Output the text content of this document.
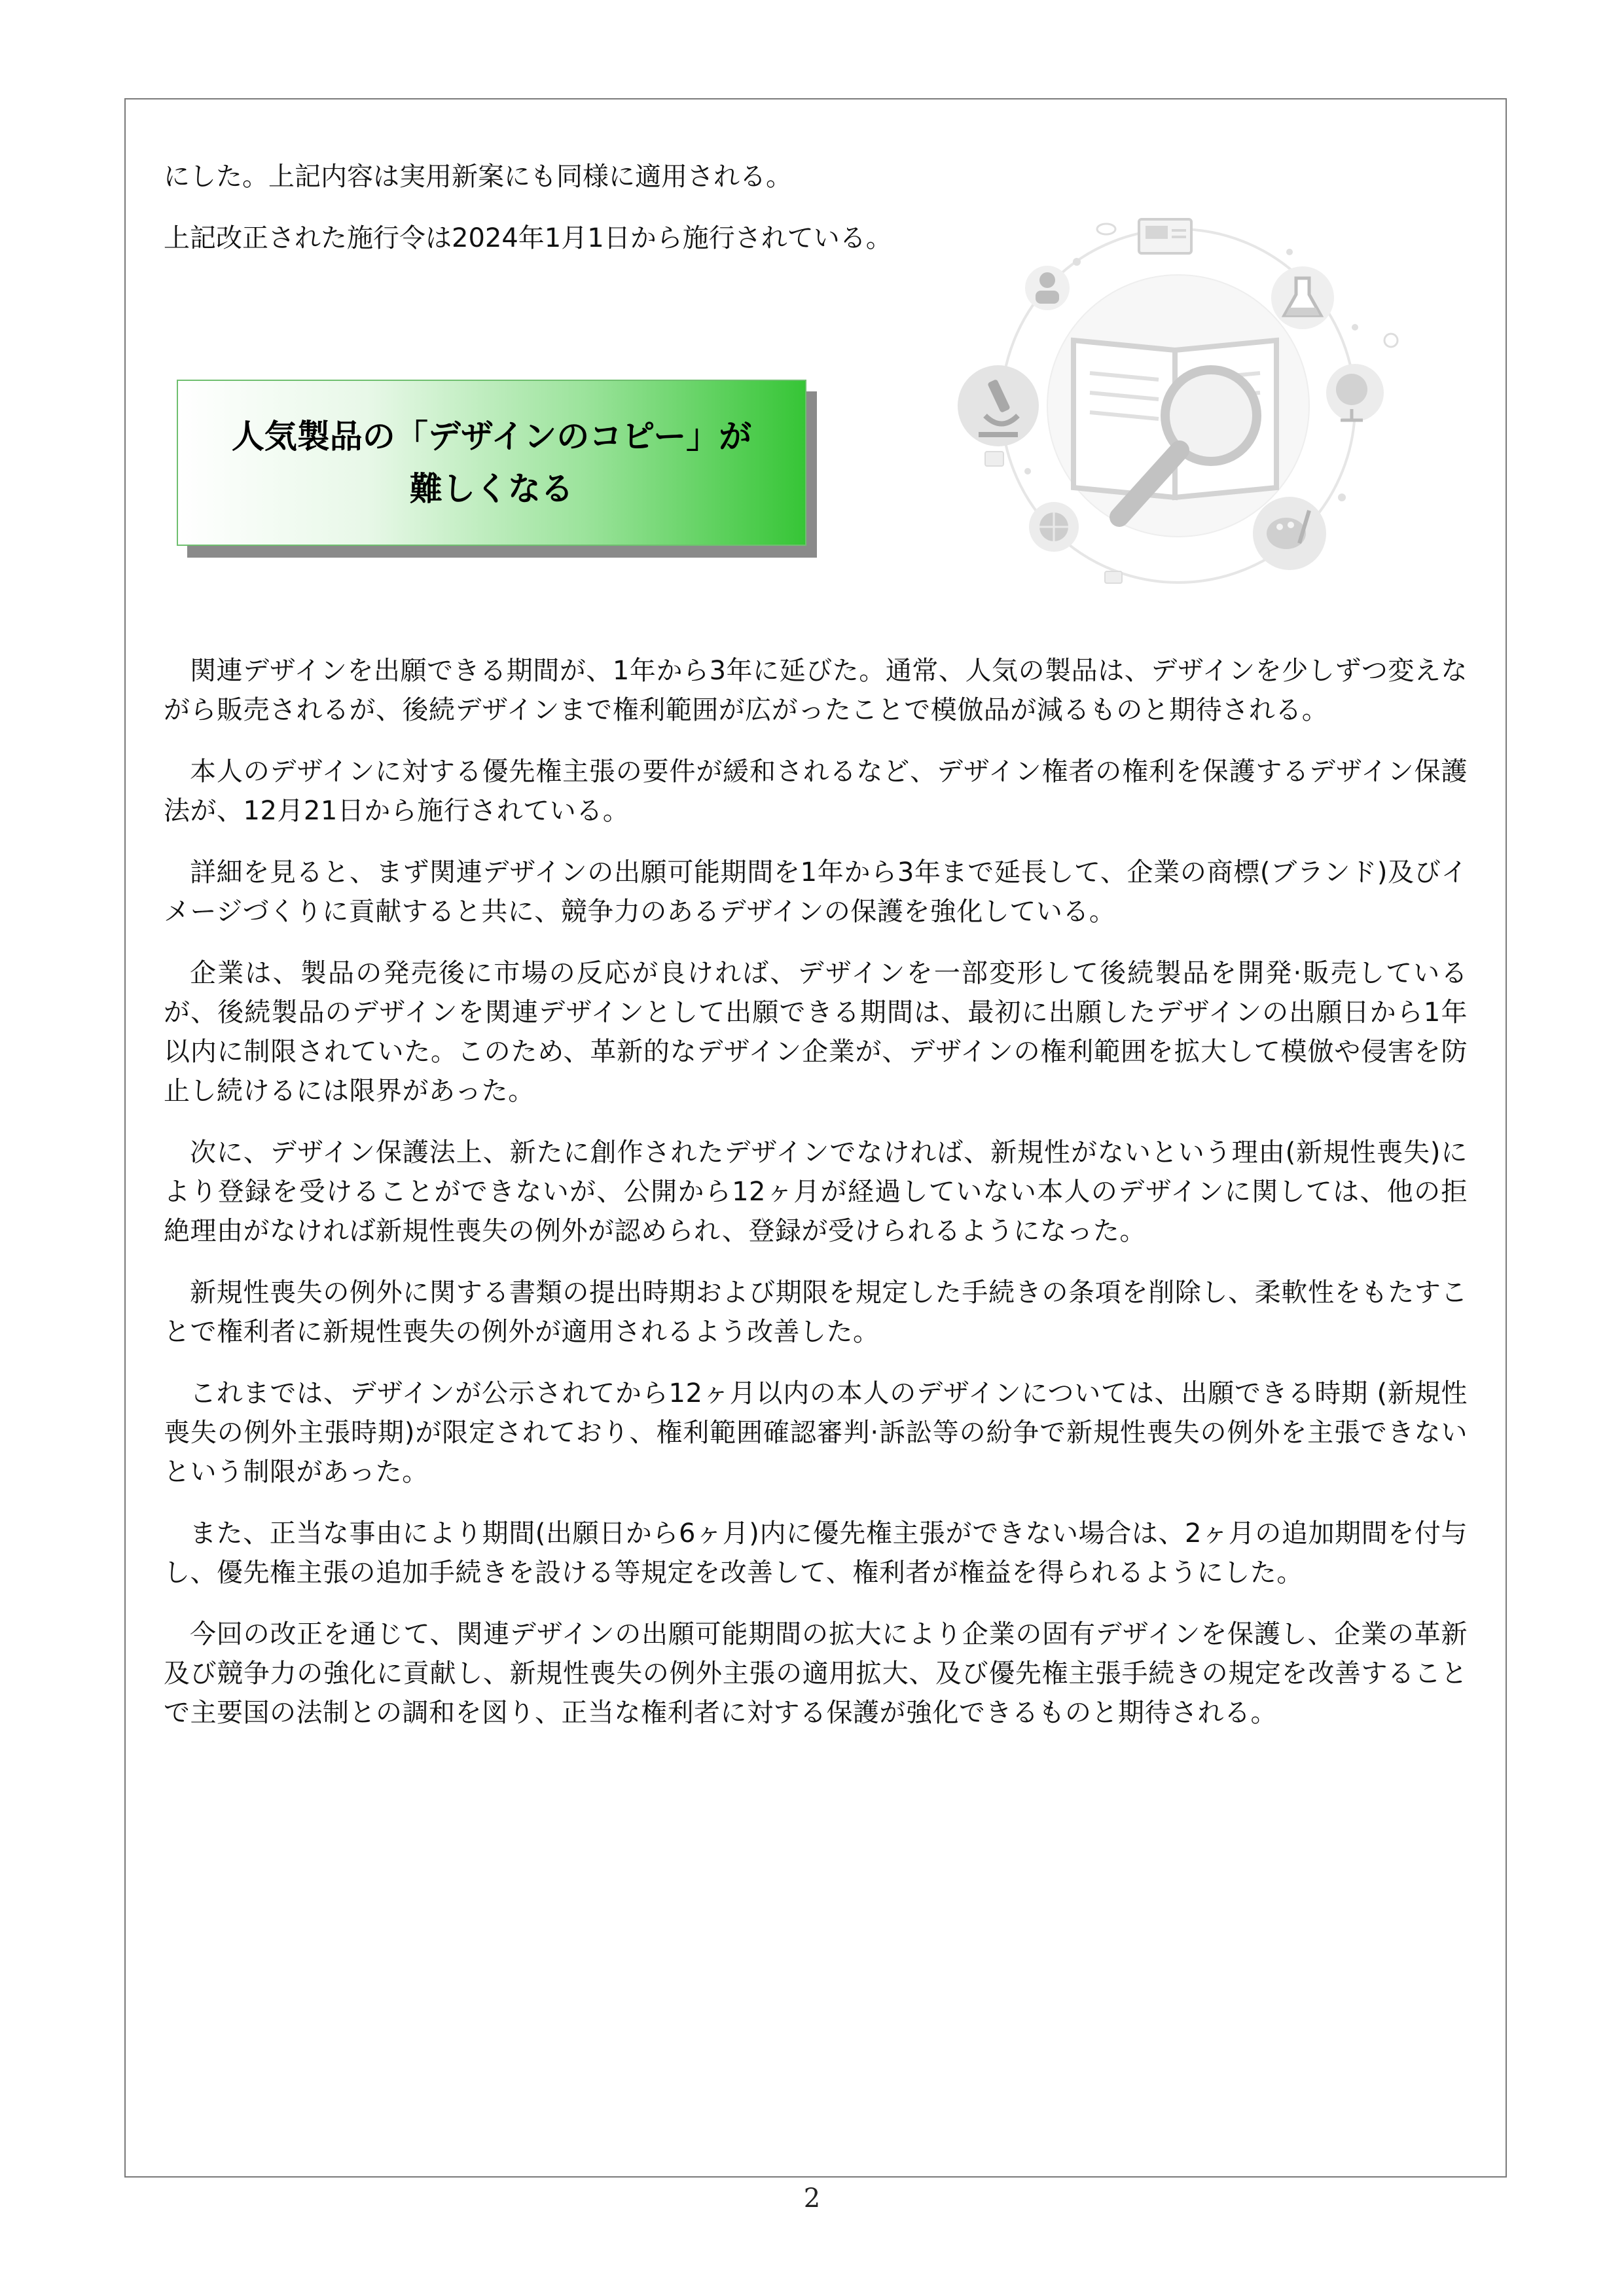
にした。上記内容は実用新案にも同様に適用される。
上記改正された施行令は2024年1月1日から施行されている。
人気製品の「デザインのコピー」が
難しくなる

関連デザインを出願できる期間が、1年から3年に延びた。通常、人気の製品は、デザインを少しずつ変えながら販売されるが、後続デザインまで権利範囲が広がったことで模倣品が減るものと期待される。

本人のデザインに対する優先権主張の要件が緩和されるなど、デザイン権者の権利を保護するデザイン保護法が、12月21日から施行されている。

詳細を見ると、まず関連デザインの出願可能期間を1年から3年まで延長して、企業の商標(ブランド)及びイメージづくりに貢献すると共に、競争力のあるデザインの保護を強化している。

企業は、製品の発売後に市場の反応が良ければ、デザインを一部変形して後続製品を開発·販売しているが、後続製品のデザインを関連デザインとして出願できる期間は、最初に出願したデザインの出願日から1年以内に制限されていた。このため、革新的なデザイン企業が、デザインの権利範囲を拡大して模倣や侵害を防止し続けるには限界があった。

次に、デザイン保護法上、新たに創作されたデザインでなければ、新規性がないという理由(新規性喪失)により登録を受けることができないが、公開から12ヶ月が経過していない本人のデザインに関しては、他の拒絶理由がなければ新規性喪失の例外が認められ、登録が受けられるようになった。

新規性喪失の例外に関する書類の提出時期および期限を規定した手続きの条項を削除し、柔軟性をもたすことで権利者に新規性喪失の例外が適用されるよう改善した。

これまでは、デザインが公示されてから12ヶ月以内の本人のデザインについては、出願できる時期 (新規性喪失の例外主張時期)が限定されており、権利範囲確認審判·訴訟等の紛争で新規性喪失の例外を主張できないという制限があった。

また、正当な事由により期間(出願日から6ヶ月)内に優先権主張ができない場合は、2ヶ月の追加期間を付与し、優先権主張の追加手続きを設ける等規定を改善して、権利者が権益を得られるようにした。

今回の改正を通じて、関連デザインの出願可能期間の拡大により企業の固有デザインを保護し、企業の革新及び競争力の強化に貢献し、新規性喪失の例外主張の適用拡大、及び優先権主張手続きの規定を改善することで主要国の法制との調和を図り、正当な権利者に対する保護が強化できるものと期待される。

2
